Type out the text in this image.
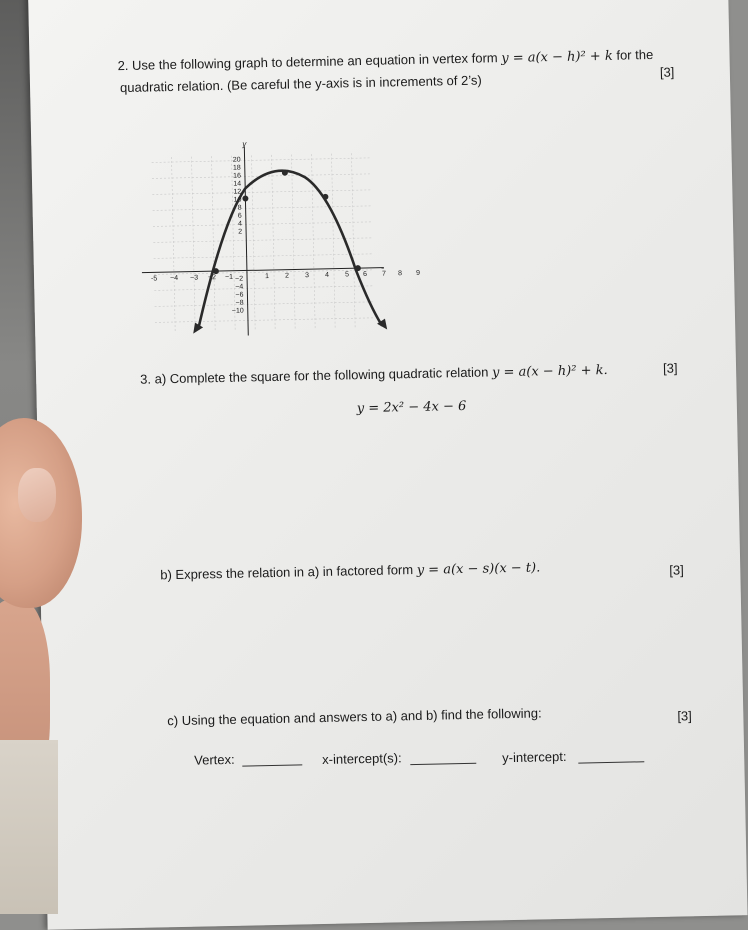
2. Use the following graph to determine an equation in vertex form y = a(x − h)² + k for the
quadratic relation. (Be careful the y-axis is in increments of 2’s)
[3]
y
20
18
16
14
12
10
8
6
4
2
−2
−4
−6
−8
−10
-5 −4 −3 −2 −1	1 2 3 4 5 6 7 8 9
3. a) Complete the square for the following quadratic relation y = a(x − h)² + k.	[3]
y = 2x² − 4x − 6
b) Express the relation in a) in factored form y = a(x − s)(x − t).	[3]
c) Using the equation and answers to a) and b) find the following:	[3]
Vertex:	x-intercept(s):	y-intercept:
